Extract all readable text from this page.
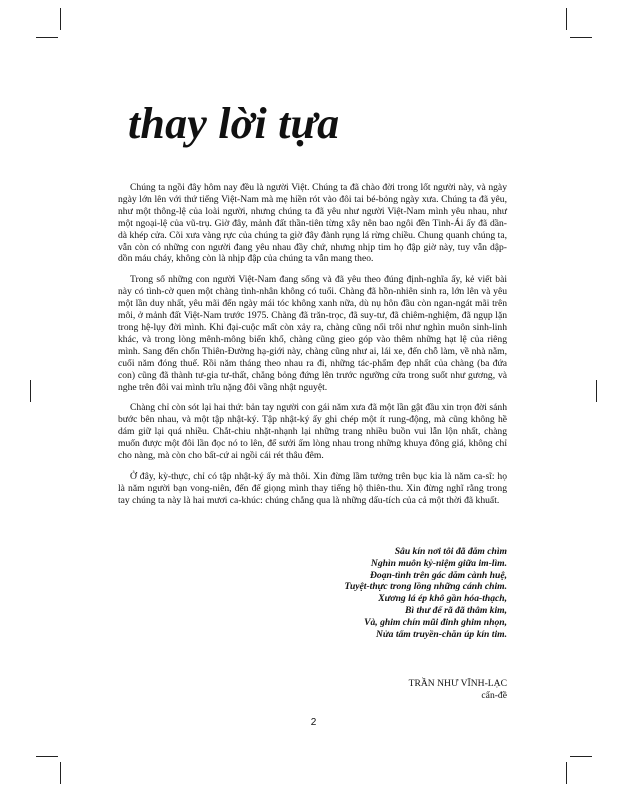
thay lời tựa

Chúng ta ngồi đây hôm nay đều là người Việt. Chúng ta đã chào đời trong lốt người này, và ngày ngày lớn lên với thứ tiếng Việt-Nam mà mẹ hiền rót vào đôi tai bé-bỏng ngày xưa. Chúng ta đã yêu, như một thông-lệ của loài người, nhưng chúng ta đã yêu như người Việt-Nam mình yêu nhau, như một ngoại-lệ của vũ-trụ. Giờ đây, mảnh đất thần-tiên từng xây nên bao ngôi đền Tình-Ái ấy đã dần-dà khép cửa. Cõi xưa vàng rực của chúng ta giờ đây đành rụng lá rừng chiều. Chung quanh chúng ta, vẫn còn có những con người đang yêu nhau đầy chứ, nhưng nhịp tim họ đập giờ này, tuy vẫn dập-dồn máu cháy, không còn là nhịp đập của chúng ta vẫn mang theo.

Trong số những con người Việt-Nam đang sống và đã yêu theo đúng định-nghĩa ấy, kẻ viết bài này có tình-cờ quen một chàng tình-nhân không có tuổi. Chàng đã hồn-nhiên sinh ra, lớn lên và yêu một lần duy nhất, yêu mãi đến ngày mái tóc không xanh nữa, dù nụ hôn đầu còn ngan-ngát mãi trên môi, ở mảnh đất Việt-Nam trước 1975. Chàng đã trăn-trọc, đã suy-tư, đã chiêm-nghiệm, đã ngụp lặn trong hệ-lụy đời mình. Khi đại-cuộc mất còn xảy ra, chàng cũng nổi trôi như nghìn muôn sinh-linh khác, và trong lòng mênh-mông biển khổ, chàng cũng gieo góp vào thêm những hạt lệ của riêng mình. Sang đến chốn Thiên-Đường hạ-giới này, chàng cũng như ai, lái xe, đến chỗ làm, về nhà nằm, cuối năm đóng thuế. Rồi năm tháng theo nhau ra đi, những tác-phẩm đẹp nhất của chàng (ba đứa con) cũng đã thành tư-gia tư-thất, chẳng bỏng đứng lên trước ngưỡng cửa trong suốt như gương, và nghe trên đôi vai mình trĩu nặng đôi vầng nhật nguyệt.

Chàng chỉ còn sót lại hai thứ: bản tay người con gái năm xưa đã một lần gật đầu xin trọn đời sánh bước bên nhau, và một tập nhật-ký. Tập nhật-ký ấy ghi chép một ít rung-động, mà cũng không hề dám giữ lại quá nhiều. Chắt-chiu nhặt-nhạnh lại những trang nhiều buồn vui lẫn lộn nhất, chàng muốn được một đôi lần đọc nó to lên, để sưởi ấm lòng nhau trong những khuya đông giá, không chỉ cho nàng, mà còn cho bất-cứ ai ngồi cái rét thâu đêm.

Ở đây, kỳ-thực, chỉ có tập nhật-ký ấy mà thôi. Xin đừng lầm tưởng trên bục kia là năm ca-sĩ: họ là năm người bạn vong-niên, đến để giọng mình thay tiếng hộ thiên-thu. Xin đừng nghĩ rằng trong tay chúng ta này là hai mươi ca-khúc: chúng chẳng qua là những dấu-tích của cả một thời đã khuất.

Sâu kín nơi tôi đã đắm chìm
Nghìn muôn kỷ-niệm giữa im-lìm.
Đoạn-tình trên gác dăm cành huệ,
Tuyệt-thực trong lồng những cánh chim.
Xương lá ép khô gần hóa-thạch,
Bì thư để rã đã thâm kim,
Và, ghim chín mũi đinh ghim nhọn,
Nửa tấm truyền-chăn úp kín tim.
TRẦN NHƯ VĨNH-LẠC
cẩn-đề
2
